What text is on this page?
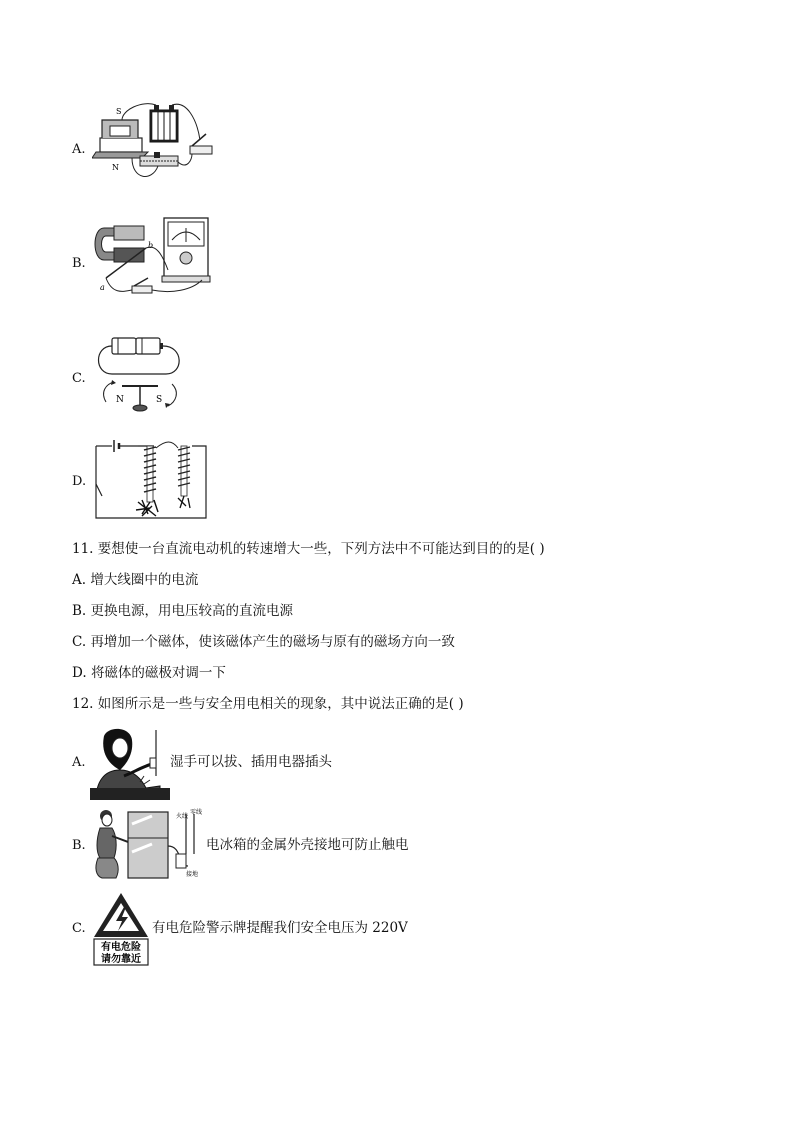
A.
S
N
B.
a
b
C.
N	S
D.
11. 要想使一台直流电动机的转速增大一些，下列方法中不可能达到目的的是( )
A. 增大线圈中的电流
B. 更换电源，用电压较高的直流电源
C. 再增加一个磁体，使该磁体产生的磁场与原有的磁场方向一致
D. 将磁体的磁极对调一下
12. 如图所示是一些与安全用电相关的现象，其中说法正确的是( )
A.	湿手可以拔、插用电器插头
B.
火线
零线
接地
电冰箱的金属外壳接地可防止触电
C.
有电危险
请勿靠近
有电危险警示牌提醒我们安全电压为 220V
